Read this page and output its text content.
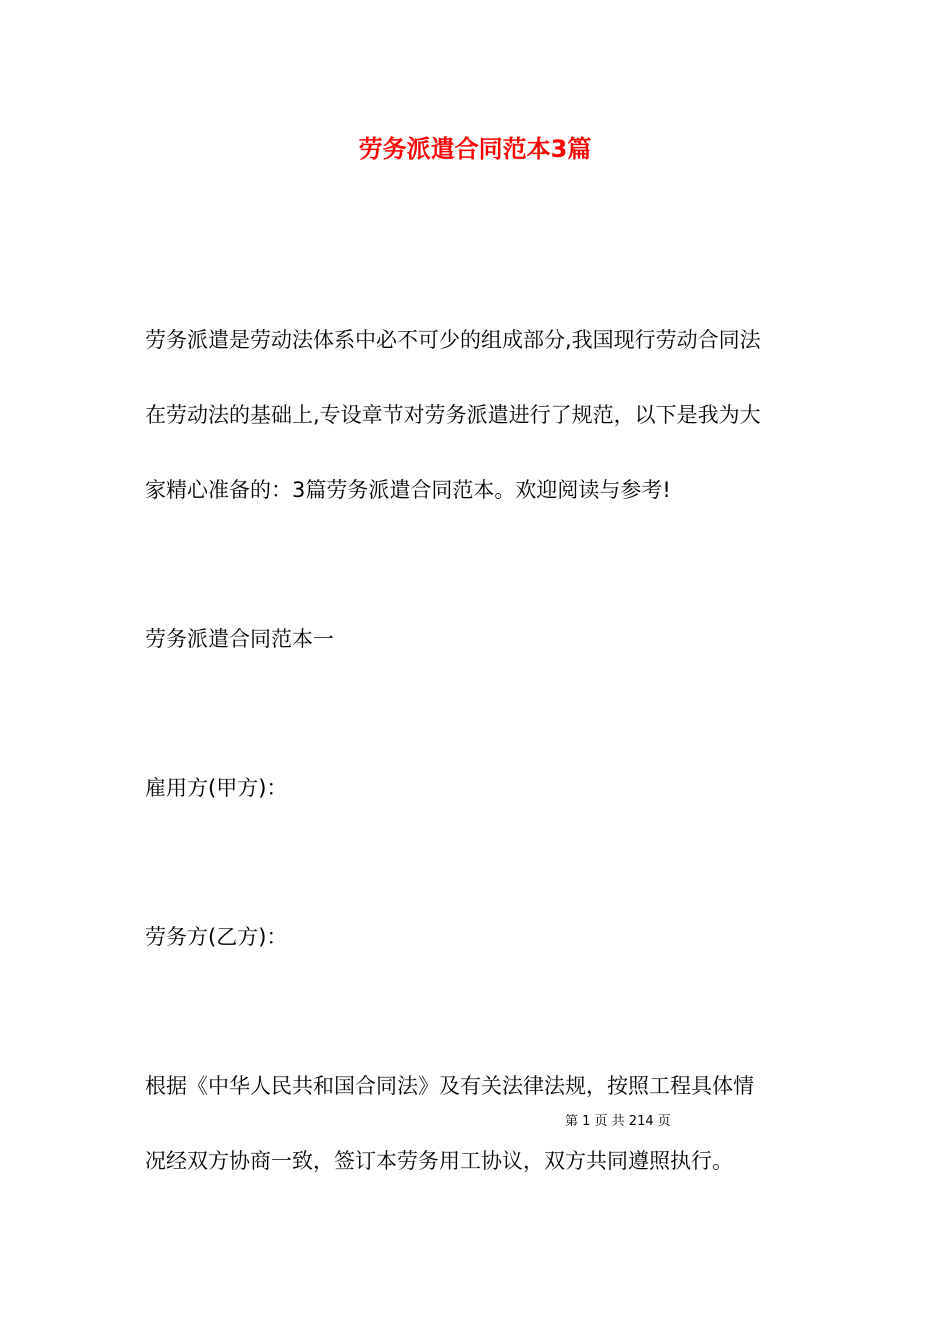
劳务派遣合同范本3篇
劳务派遣是劳动法体系中必不可少的组成部分,我国现行劳动合同法
在劳动法的基础上,专设章节对劳务派遣进行了规范，以下是我为大
家精心准备的：3篇劳务派遣合同范本。欢迎阅读与参考!
劳务派遣合同范本一
雇用方(甲方)：
劳务方(乙方)：
根据《中华人民共和国合同法》及有关法律法规，按照工程具体情
第 1 页 共 214 页
况经双方协商一致，签订本劳务用工协议，双方共同遵照执行。
